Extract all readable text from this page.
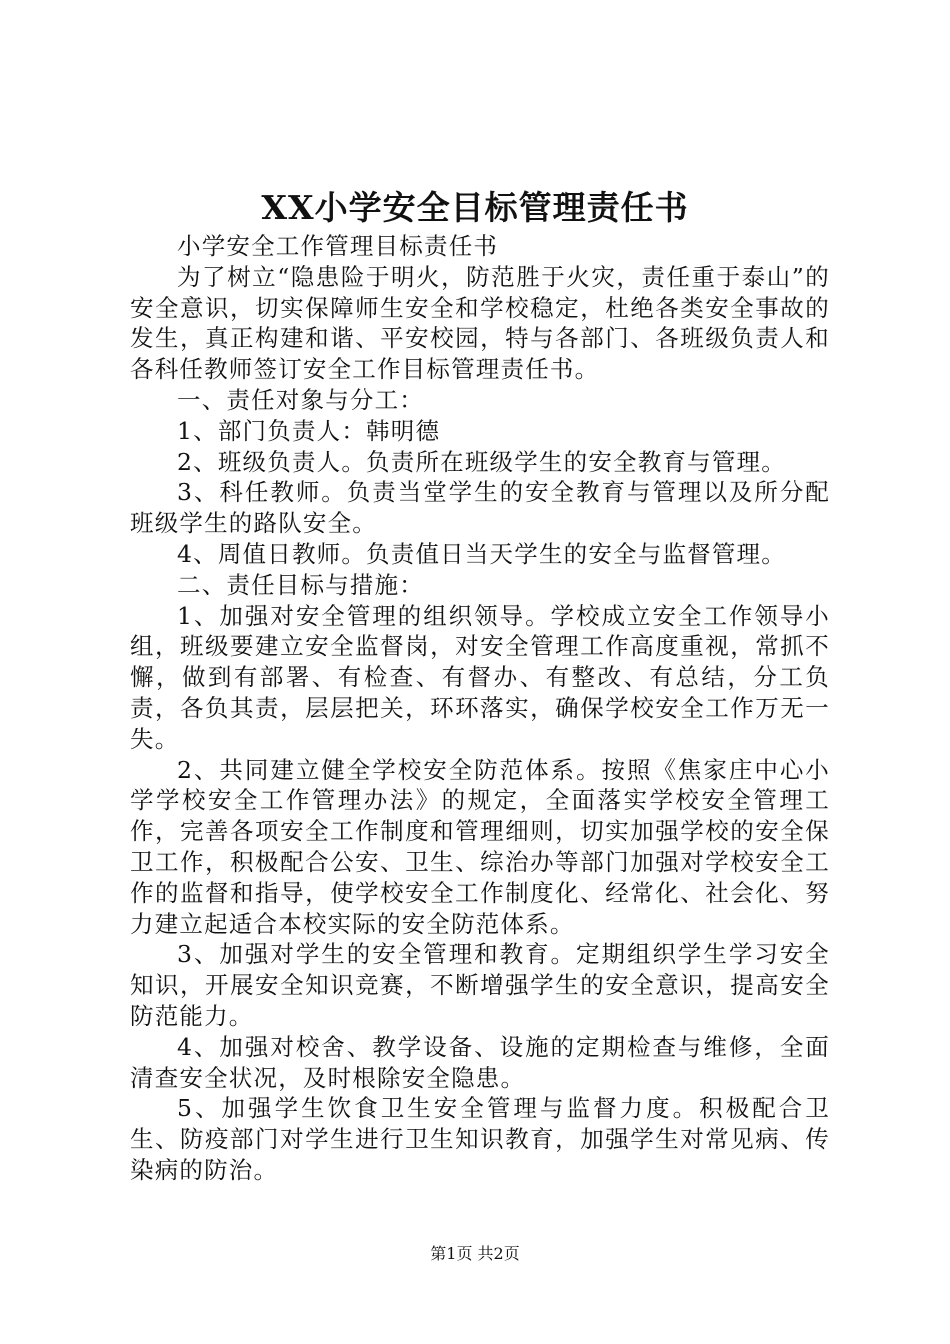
XX小学安全目标管理责任书

小学安全工作管理目标责任书

为了树立“隐患险于明火，防范胜于火灾，责任重于泰山”的安全意识，切实保障师生安全和学校稳定，杜绝各类安全事故的发生，真正构建和谐、平安校园，特与各部门、各班级负责人和各科任教师签订安全工作目标管理责任书。

一、责任对象与分工：

1、部门负责人：韩明德

2、班级负责人。负责所在班级学生的安全教育与管理。

3、科任教师。负责当堂学生的安全教育与管理以及所分配班级学生的路队安全。

4、周值日教师。负责值日当天学生的安全与监督管理。

二、责任目标与措施：

1、加强对安全管理的组织领导。学校成立安全工作领导小组，班级要建立安全监督岗，对安全管理工作高度重视，常抓不懈，做到有部署、有检查、有督办、有整改、有总结，分工负责，各负其责，层层把关，环环落实，确保学校安全工作万无一失。

2、共同建立健全学校安全防范体系。按照《焦家庄中心小学学校安全工作管理办法》的规定，全面落实学校安全管理工作，完善各项安全工作制度和管理细则，切实加强学校的安全保卫工作，积极配合公安、卫生、综治办等部门加强对学校安全工作的监督和指导，使学校安全工作制度化、经常化、社会化、努力建立起适合本校实际的安全防范体系。

3、加强对学生的安全管理和教育。定期组织学生学习安全知识，开展安全知识竞赛，不断增强学生的安全意识，提高安全防范能力。

4、加强对校舍、教学设备、设施的定期检查与维修，全面清查安全状况，及时根除安全隐患。

5、加强学生饮食卫生安全管理与监督力度。积极配合卫生、防疫部门对学生进行卫生知识教育，加强学生对常见病、传染病的防治。

第1页 共2页
